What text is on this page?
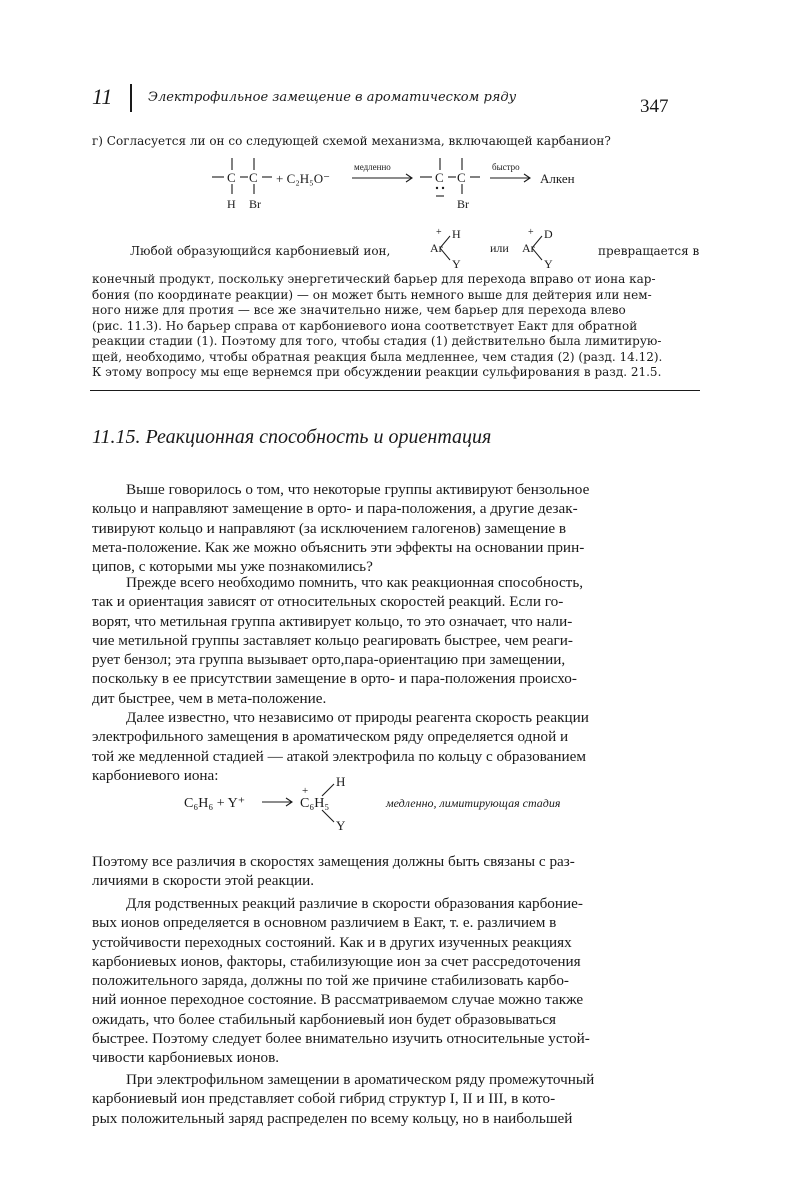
11	Электрофильное замещение в ароматическом ряду	347
г) Согласуется ли он со следующей схемой механизма, включающей карбанион?
C C
H Br
+ C₂H₅O⁻
медленно
C C
Br
быстро
Алкен
Любой образующийся карбониевый ион,
+ H
Ar
Y
или
+ D
Ar
Y
превращается в
конечный продукт, поскольку энергетический барьер для перехода вправо от иона кар-
бония (по координате реакции) — он может быть немного выше для дейтерия или нем-
ного ниже для протия — все же значительно ниже, чем барьер для перехода влево
(рис. 11.3). Но барьер справа от карбониевого иона соответствует Eакт для обратной
реакции стадии (1). Поэтому для того, чтобы стадия (1) действительно была лимитирую-
щей, необходимо, чтобы обратная реакция была медленнее, чем стадия (2) (разд. 14.12).
К этому вопросу мы еще вернемся при обсуждении реакции сульфирования в разд. 21.5.
11.15. Реакционная способность и ориентация
Выше говорилось о том, что некоторые группы активируют бензольное
кольцо и направляют замещение в орто- и пара-положения, а другие дезак-
тивируют кольцо и направляют (за исключением галогенов) замещение в
мета-положение. Как же можно объяснить эти эффекты на основании прин-
ципов, с которыми мы уже познакомились?
Прежде всего необходимо помнить, что как реакционная способность,
так и ориентация зависят от относительных скоростей реакций. Если го-
ворят, что метильная группа активирует кольцо, то это означает, что нали-
чие метильной группы заставляет кольцо реагировать быстрее, чем реаги-
рует бензол; эта группа вызывает орто,пара-ориентацию при замещении,
поскольку в ее присутствии замещение в орто- и пара-положения происхо-
дит быстрее, чем в мета-положение.
Далее известно, что независимо от природы реагента скорость реакции
электрофильного замещения в ароматическом ряду определяется одной и
той же медленной стадией — атакой электрофила по кольцу с образованием
карбониевого иона:
C₆H₆ + Y⁺
+
C₆H₅
H
Y
медленно, лимитирующая стадия
Поэтому все различия в скоростях замещения должны быть связаны с раз-
личиями в скорости этой реакции.
Для родственных реакций различие в скорости образования карбоние-
вых ионов определяется в основном различием в Eакт, т. е. различием в
устойчивости переходных состояний. Как и в других изученных реакциях
карбониевых ионов, факторы, стабилизующие ион за счет рассредоточения
положительного заряда, должны по той же причине стабилизовать карбо-
ний ионное переходное состояние. В рассматриваемом случае можно также
ожидать, что более стабильный карбониевый ион будет образовываться
быстрее. Поэтому следует более внимательно изучить относительные устой-
чивости карбониевых ионов.
При электрофильном замещении в ароматическом ряду промежуточный
карбониевый ион представляет собой гибрид структур I, II и III, в кото-
рых положительный заряд распределен по всему кольцу, но в наибольшей
